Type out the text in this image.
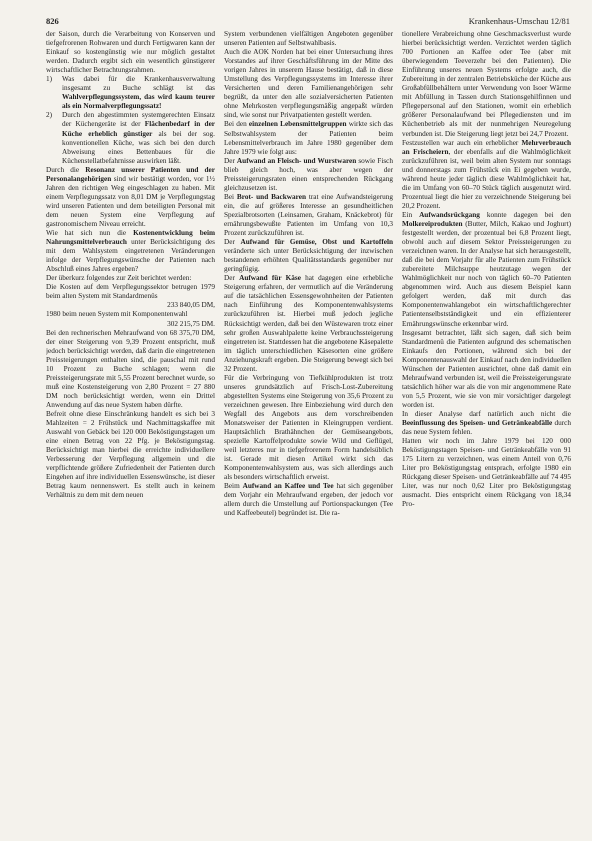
826	Krankenhaus-Umschau 12/81

der Saison, durch die Verarbeitung von Konserven und tiefgefrorenen Rohwaren und durch Fertigwaren kann der Einkauf so kostengünstig wie nur möglich gestaltet werden. Dadurch ergibt sich ein wesentlich günstigerer wirtschaftlicher Betrachtungsrahmen.

1)	Was dabei für die Krankenhausverwaltung insgesamt zu Buche schlägt ist das Wahlverpflegungssystem, das wird kaum teurer als ein Normalverpflegungssatz!
2)	Durch den abgestimmten systemgerechten Einsatz der Küchengeräte ist der Flächenbedarf in der Küche erheblich günstiger als bei der sog. konventionellen Küche, was sich bei den durch Abweisung eines Bettenbaues für die Küchenstellatbefahrnisse auswirken läßt.

Durch die Resonanz unserer Patienten und der Personalangehörigen sind wir bestätigt worden, vor 1½ Jahren den richtigen Weg eingeschlagen zu haben. Mit einem Verpflegungssatz von 8,01 DM je Verpflegungstag wird unseren Patienten und dem beteiligten Personal mit dem neuen System eine Verpflegung auf gastronomischem Niveau erreicht.

Wie hat sich nun die Kostenentwicklung beim Nahrungsmittelverbrauch unter Berücksichtigung des mit dem Wahlsystem eingetretenen Veränderungen infolge der Verpflegungswünsche der Patienten nach Abschluß eines Jahres ergeben?

Der überkurz folgendes zur Zeit berichtet werden:

Die Kosten auf dem Verpflegungssektor betrugen 1979 beim alten System mit Standardmenüs

233 840,05 DM,

1980 beim neuen System mit Komponentenwahl

302 215,75 DM.

Bei den rechnerischen Mehraufwand von 68 375,70 DM, der einer Steigerung von 9,39 Prozent entspricht, muß jedoch berücksichtigt werden, daß darin die eingetretenen Preissteigerungen enthalten sind, die pauschal mit rund 10 Prozent zu Buche schlagen; wenn die Preissteigerungsrate mit 5,55 Prozent berechnet wurde, so muß eine Kostensteigerung von 2,80 Prozent = 27 880 DM noch berücksichtigt werden, wenn ein Drittel Anwendung auf das neue System haben dürfte.

Befreit ohne diese Einschränkung handelt es sich bei 3 Mahlzeiten = 2 Frühstück und Nachmittagskaffee mit Auswahl von Gebäck bei 120 000 Beköstigungstagen um eine einen Betrag von 22 Pfg. je Beköstigungstag. Berücksichtigt man hierbei die erreichte individuellere Verbesserung der Verpflegung allgemein und die verpflichtende größere Zufriedenheit der Patienten durch Eingehen auf ihre individuellen Essenswünsche, ist dieser Betrag kaum nennenswert. Es stellt auch in keinem Verhältnis zu dem mit dem neuen

System verbundenen vielfältigen Angeboten gegenüber unseren Patienten auf Selbstwahlbasis.

Auch die AOK Norden hat bei einer Untersuchung ihres Vorstandes auf ihrer Geschäftsführung im der Mitte des vorigen Jahres in unserem Hause bestätigt, daß in diese Umstellung des Verpflegungssystems im Interesse ihrer Versicherten und deren Familienangehörigen sehr begrüßt, da unter den alle sozialversicherten Patienten ohne Mehrkosten verpflegungsmäßig angepaßt würden sind, wie sonst nur Privatpatienten gestellt werden.

Bei den einzelnen Lebensmittelgruppen wirkte sich das Selbstwahlsystem der Patienten beim Lebensmittelverbrauch im Jahre 1980 gegenüber dem Jahre 1979 wie folgt aus:

Der Aufwand an Fleisch- und Wurstwaren sowie Fisch blieb gleich hoch, was aber wegen der Preissteigerungsraten einen entsprechenden Rückgang gleichzusetzen ist.

Bei Brot- und Backwaren trat eine Aufwandsteigerung ein, die auf größeres Interesse an gesundheitlichen Spezialbrotsorten (Leinsamen, Graham, Knäckebrot) für ernährungsbewußte Patienten im Umfang von 10,3 Prozent zurückzuführen ist.

Der Aufwand für Gemüse, Obst und Kartoffeln veränderte sich unter Berücksichtigung der inzwischen bestandenen erhöhten Qualitätsstandards gegenüber nur geringfügig.

Der Aufwand für Käse hat dagegen eine erhebliche Steigerung erfahren, der vermutlich auf die Veränderung auf die tatsächlichen Essensgewohnheiten der Patienten nach Einführung des Komponentenwahlsystems zurückzuführen ist. Hierbei muß jedoch jegliche Rücksichtigt werden, daß bei den Wüstewaren trotz einer sehr großen Auswahlpalette keine Verbrauchssteigerung eingetreten ist. Stattdessen hat die angebotene Käsepalette im täglich unterschiedlichen Käsesorten eine größere Anziehungskraft ergeben. Die Steigerung bewegt sich bei 32 Prozent.

Für die Verbringung von Tiefkühlprodukten ist trotz unseres grundsätzlich auf Frisch-Lost-Zubereitung abgestellten Systems eine Steigerung von 35,6 Prozent zu verzeichnen gewesen. Ihre Einbeziehung wird durch den Wegfall des Angebots aus dem vorschreibenden Monatsweiser der Patienten in Kleingruppen verdient. Hauptsächlich Brathähnchen der Gemüseangebots, spezielle Kartoffelprodukte sowie Wild und Geflügel, weil letzteres nur in tiefgefrorenem Form handelsüblich ist. Gerade mit diesen Artikel wirkt sich das Komponentenwahlsystem aus, was sich allerdings auch als besonders wirtschaftlich erweist.

Beim Aufwand an Kaffee und Tee hat sich gegenüber dem Vorjahr ein Mehraufwand ergeben, der jedoch vor allem durch die Umstellung auf Portionspackungen (Tee und Kaffeebeutel) begründet ist. Die ra-

tionellere Verabreichung ohne Geschmacksverlust wurde hierbei berücksichtigt werden. Verzichtet werden täglich 700 Portionen an Kaffee oder Tee (aber mit überwiegendem Teeverzehr bei den Patienten). Die Einführung unseres neuen Systems erfolgte auch, die Zubereitung in der zentralen Betriebsküche der Küche aus Großabfüllbehältern unter Verwendung von Isoer Wärme mit Abfüllung in Tassen durch Stationsgehilfinnen und Pflegepersonal auf den Stationen, womit ein erheblich größerer Personalaufwand bei Pflegediensten und im Küchenbetrieb als mit der nunmehrigen Neuregelung verbunden ist. Die Steigerung liegt jetzt bei 24,7 Prozent.

Festzustellen war auch ein erheblicher Mehrverbrauch an Frischeiern, der ebenfalls auf die Wahlmöglichkeit zurückzuführen ist, weil beim alten System nur sonntags und donnerstags zum Frühstück ein Ei gegeben wurde, während heute jeder täglich diese Wahlmöglichkeit hat, die im Umfang von 60–70 Stück täglich ausgenutzt wird. Prozentual liegt die hier zu verzeichnende Steigerung bei 20,2 Prozent.

Ein Aufwandsrückgang konnte dagegen bei den Molkereiprodukten (Butter, Milch, Kakao und Joghurt) festgestellt werden, der prozentual bei 6,8 Prozent liegt, obwohl auch auf diesem Sektor Preissteigerungen zu verzeichnen waren. In der Analyse hat sich herausgestellt, daß die bei dem Vorjahr für alle Patienten zum Frühstück zubereitete Milchsuppe heutzutage wegen der Wahlmöglichkeit nur noch von täglich 60–70 Patienten abgenommen wird. Auch aus diesem Beispiel kann gefolgert werden, daß mit durch das Komponentenwahlangebot ein wirtschaftlichgerechter Patientenselbstständigkeit und ein effizienterer Ernährungswünsche erkennbar wird.

Insgesamt betrachtet, läßt sich sagen, daß sich beim Standardmenü die Patienten aufgrund des schematischen Einkaufs den Portionen, während sich bei der Komponentenauswahl der Einkauf nach den individuellen Wünschen der Patienten ausrichtet, ohne daß damit ein Mehraufwand verbunden ist, weil die Preissteigerungsrate tatsächlich höher war als die von mir angenommene Rate von 5,5 Prozent, wie sie von mir vorsichtiger dargelegt worden ist.

In dieser Analyse darf natürlich auch nicht die Beeinflussung des Speisen- und Getränkeabfälle durch das neue System fehlen.

Hatten wir noch im Jahre 1979 bei 120 000 Beköstigungstagen Speisen- und Getränkeabfälle von 91 175 Litern zu verzeichnen, was einem Anteil von 0,76 Liter pro Beköstigungstag entsprach, erfolgte 1980 ein Rückgang dieser Speisen- und Getränkeabfälle auf 74 495 Liter, was nur noch 0,62 Liter pro Beköstigungstag ausmacht. Dies entspricht einem Rückgang von 18,34 Pro-
